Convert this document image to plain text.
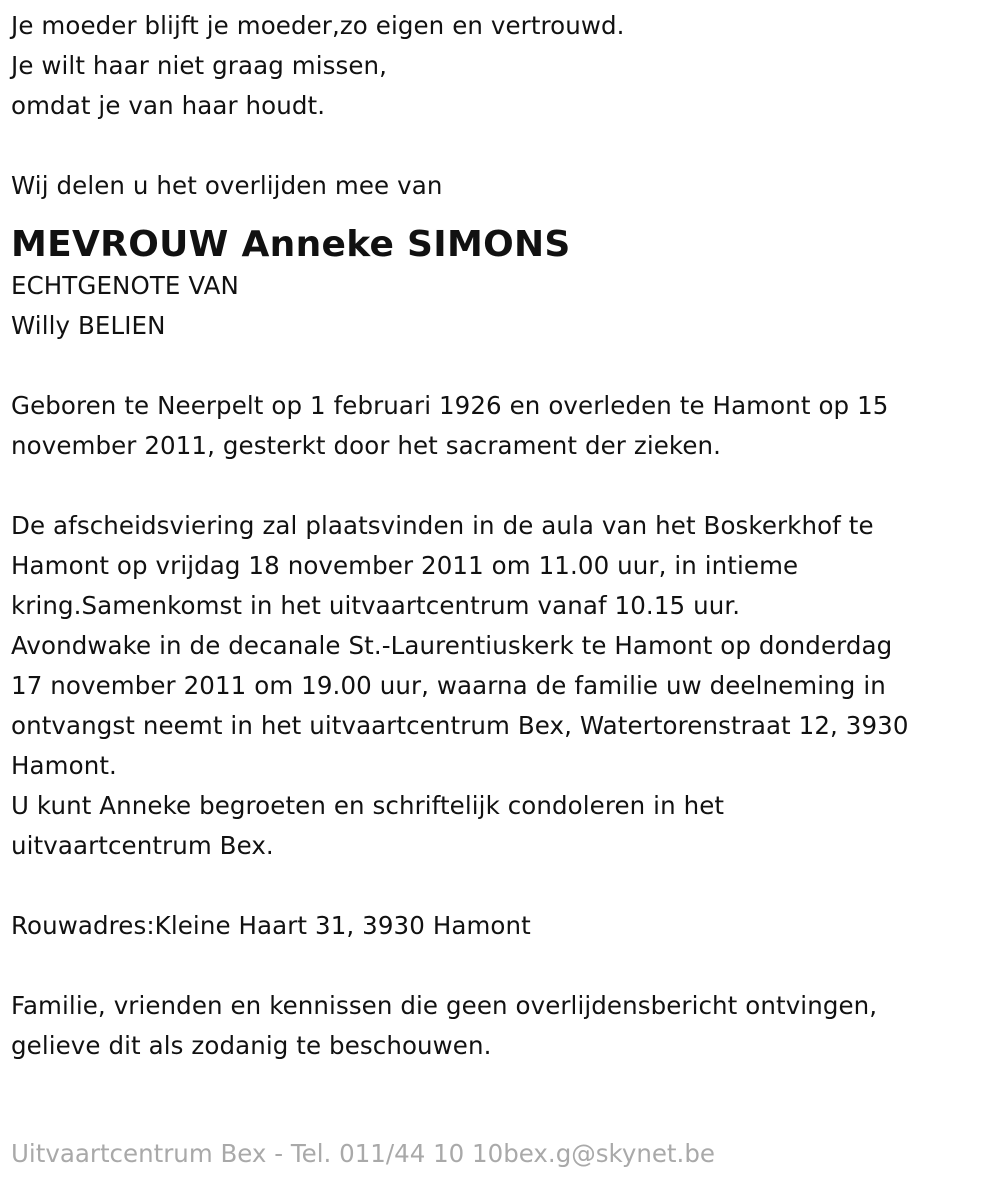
Je moeder blijft je moeder,zo eigen en vertrouwd.
Je wilt haar niet graag missen,
omdat je van haar houdt.
Wij delen u het overlijden mee van
MEVROUW Anneke SIMONS
ECHTGENOTE VAN
Willy BELIEN
Geboren te Neerpelt op 1 februari 1926 en overleden te Hamont op 15
november 2011, gesterkt door het sacrament der zieken.
De afscheidsviering zal plaatsvinden in de aula van het Boskerkhof te
Hamont op vrijdag 18 november 2011 om 11.00 uur, in intieme
kring.Samenkomst in het uitvaartcentrum vanaf 10.15 uur.
Avondwake in de decanale St.-Laurentiuskerk te Hamont op donderdag
17 november 2011 om 19.00 uur, waarna de familie uw deelneming in
ontvangst neemt in het uitvaartcentrum Bex, Watertorenstraat 12, 3930
Hamont.
U kunt Anneke begroeten en schriftelijk condoleren in het
uitvaartcentrum Bex.
Rouwadres:Kleine Haart 31, 3930 Hamont
Familie, vrienden en kennissen die geen overlijdensbericht ontvingen,
gelieve dit als zodanig te beschouwen.
Uitvaartcentrum Bex - Tel. 011/44 10 10bex.g@skynet.be
